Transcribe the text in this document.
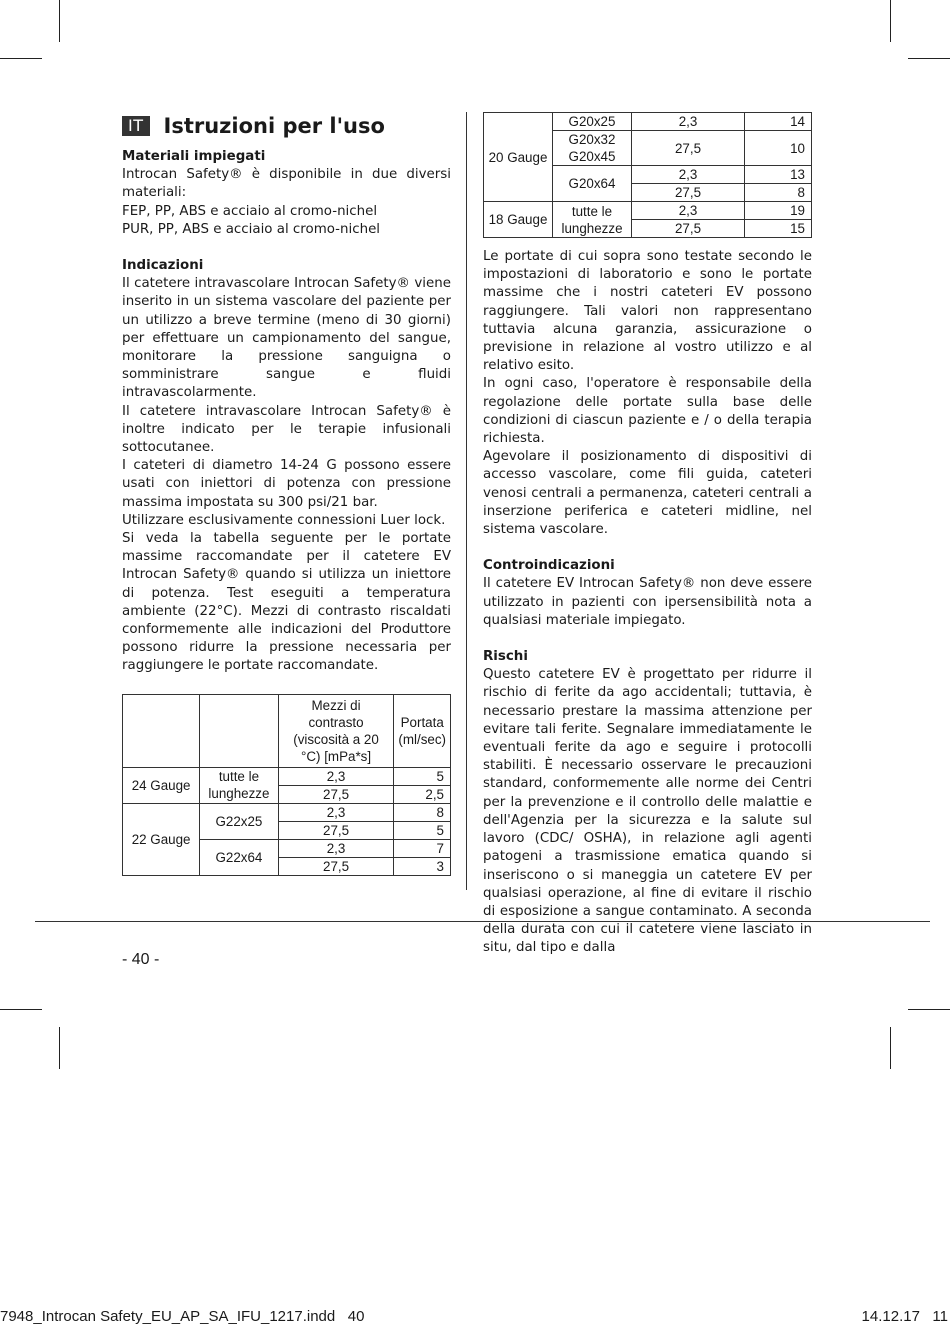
IT Istruzioni per l'uso
Materiali impiegati

Introcan Safety® è disponibile in due diversi materiali:

FEP, PP, ABS e acciaio al cromo-nichel

PUR, PP, ABS e acciaio al cromo-nichel

Indicazioni

Il catetere intravascolare Introcan Safety® viene inserito in un sistema vascolare del paziente per un utilizzo a breve termine (meno di 30 giorni) per effettuare un campionamento del sangue, monitorare la pressione sanguigna o somministrare sangue e fluidi intravascolarmente.

Il catetere intravascolare Introcan Safety® è inoltre indicato per le terapie infusionali sottocutanee.

I cateteri di diametro 14-24 G possono essere usati con iniettori di potenza con pressione massima impostata su 300 psi/21 bar.

Utilizzare esclusivamente connessioni Luer lock.

Si veda la tabella seguente per le portate massime raccomandate per il catetere EV Introcan Safety® quando si utilizza un iniettore di potenza. Test eseguiti a temperatura ambiente (22°C). Mezzi di contrasto riscaldati conformemente alle indicazioni del Produttore possono ridurre la pressione necessaria per raggiungere le portate raccomandate.

		Mezzi di contrasto (viscosità a 20 °C) [mPa*s]	Portata (ml/sec)
24 Gauge	tutte le lunghezze	2,3	5
		27,5	2,5
22 Gauge	G22x25	2,3	8
		27,5	5
	G22x64	2,3	7
		27,5	3
20 Gauge	G20x25	2,3	14
	G20x32 G20x45	27,5	10
	G20x64	2,3	13
		27,5	8
18 Gauge	tutte le lunghezze	2,3	19
		27,5	15

Le portate di cui sopra sono testate secondo le impostazioni di laboratorio e sono le portate massime che i nostri cateteri EV possono raggiungere. Tali valori non rappresentano tuttavia alcuna garanzia, assicurazione o previsione in relazione al vostro utilizzo e al relativo esito.

In ogni caso, l'operatore è responsabile della regolazione delle portate sulla base delle condizioni di ciascun paziente e / o della terapia richiesta.

Agevolare il posizionamento di dispositivi di accesso vascolare, come fili guida, cateteri venosi centrali a permanenza, cateteri centrali a inserzione periferica e cateteri midline, nel sistema vascolare.

Controindicazioni

Il catetere EV Introcan Safety® non deve essere utilizzato in pazienti con ipersensibilità nota a qualsiasi materiale impiegato.

Rischi

Questo catetere EV è progettato per ridurre il rischio di ferite da ago accidentali; tuttavia, è necessario prestare la massima attenzione per evitare tali ferite. Segnalare immediatamente le eventuali ferite da ago e seguire i protocolli stabiliti. È necessario osservare le precauzioni standard, conformemente alle norme dei Centri per la prevenzione e il controllo delle malattie e dell'Agenzia per la sicurezza e la salute sul lavoro (CDC/ OSHA), in relazione agli agenti patogeni a trasmissione ematica quando si inseriscono o si maneggia un catetere EV per qualsiasi operazione, al fine di evitare il rischio di esposizione a sangue contaminato. A seconda della durata con cui il catetere viene lasciato in situ, dal tipo e dalla

- 40 -
7948_Introcan Safety_EU_AP_SA_IFU_1217.indd   40	14.12.17   11
